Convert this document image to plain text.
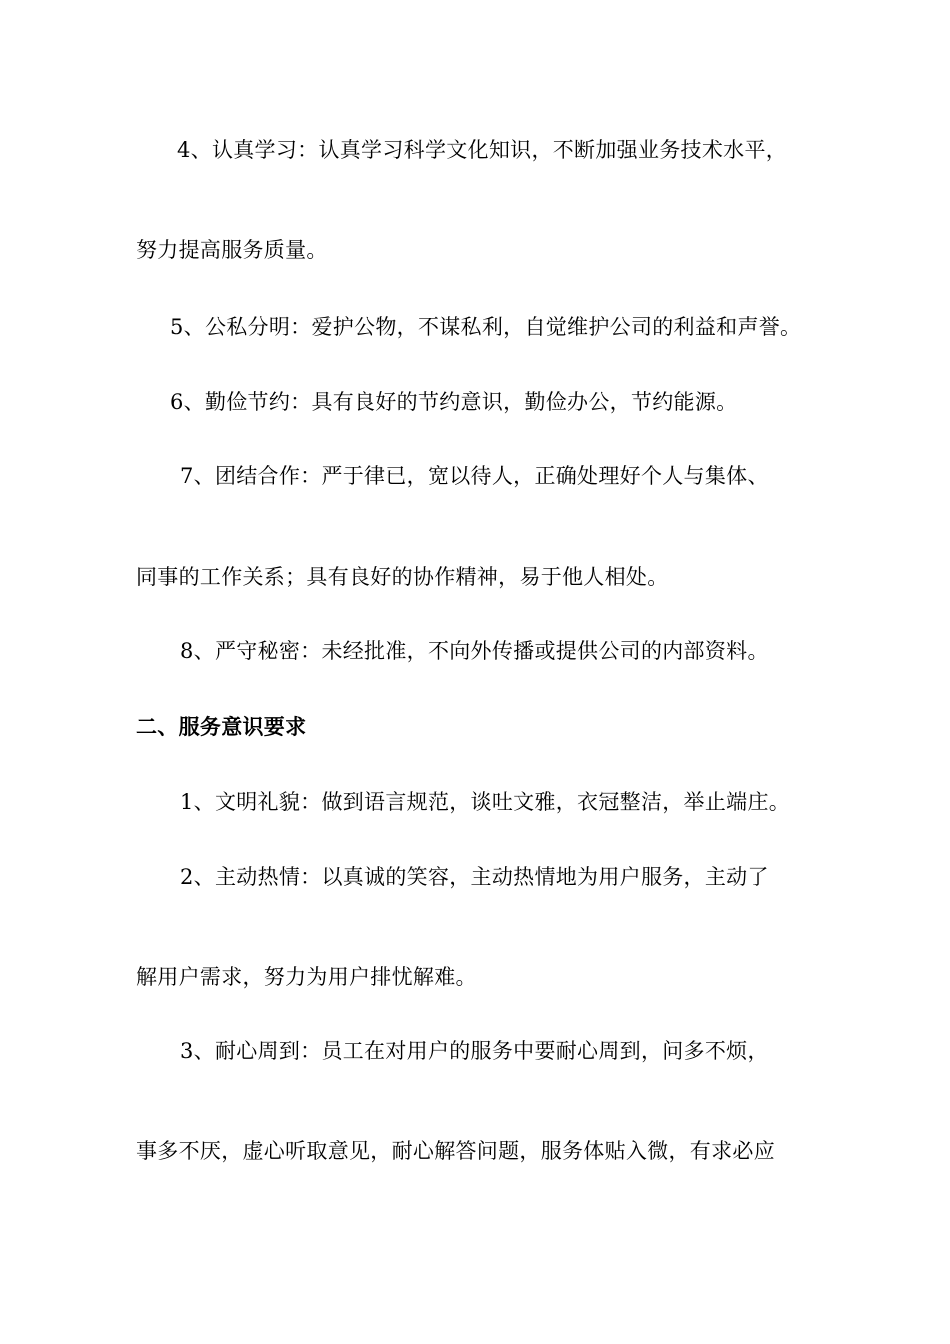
4、认真学习：认真学习科学文化知识，不断加强业务技术水平，
努力提高服务质量。
5、公私分明：爱护公物，不谋私利，自觉维护公司的利益和声誉。
6、勤俭节约：具有良好的节约意识，勤俭办公，节约能源。
7、团结合作：严于律已，宽以待人，正确处理好个人与集体、
同事的工作关系；具有良好的协作精神，易于他人相处。
8、严守秘密：未经批准，不向外传播或提供公司的内部资料。
二、服务意识要求
1、文明礼貌：做到语言规范，谈吐文雅，衣冠整洁，举止端庄。
2、主动热情：以真诚的笑容，主动热情地为用户服务，主动了
解用户需求，努力为用户排忧解难。
3、耐心周到：员工在对用户的服务中要耐心周到，问多不烦，
事多不厌，虚心听取意见，耐心解答问题，服务体贴入微，有求必应
